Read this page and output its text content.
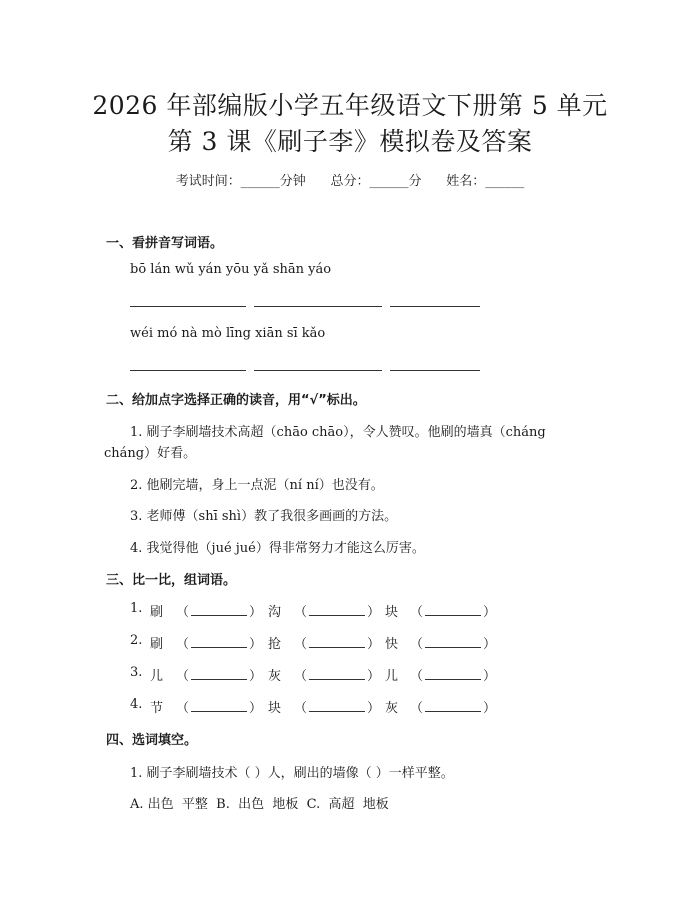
2026 年部编版小学五年级语文下册第 5 单元
第 3 课《刷子李》模拟卷及答案
考试时间：______分钟      总分：______分      姓名：______
一、看拼音写词语。
bō lán wǔ yán yōu yǎ shān yáo
wéi mó nà mò līng xiān sī kǎo
二、给加点字选择正确的读音，用“√”标出。
1. 刷子李刷墙技术高超（chāo chāo），令人赞叹。他刷的墙真（cháng
cháng）好看。
2. 他刷完墙，身上一点泥（ní ní）也没有。
3. 老师傅（shī shì）教了我很多画画的方法。
4. 我觉得他（jué jué）得非常努力才能这么厉害。
三、比一比，组词语。
1. 刷 （	） 沟 （	） 块 （	）
2. 刷 （	） 抢 （	） 快 （	）
3. 儿 （	） 灰 （	） 儿 （	）
4. 节 （	） 块 （	） 灰 （	）
四、选词填空。
1. 刷子李刷墙技术（ ）人，刷出的墙像（ ）一样平整。
A. 出色  平整  B.  出色  地板  C.  高超  地板
